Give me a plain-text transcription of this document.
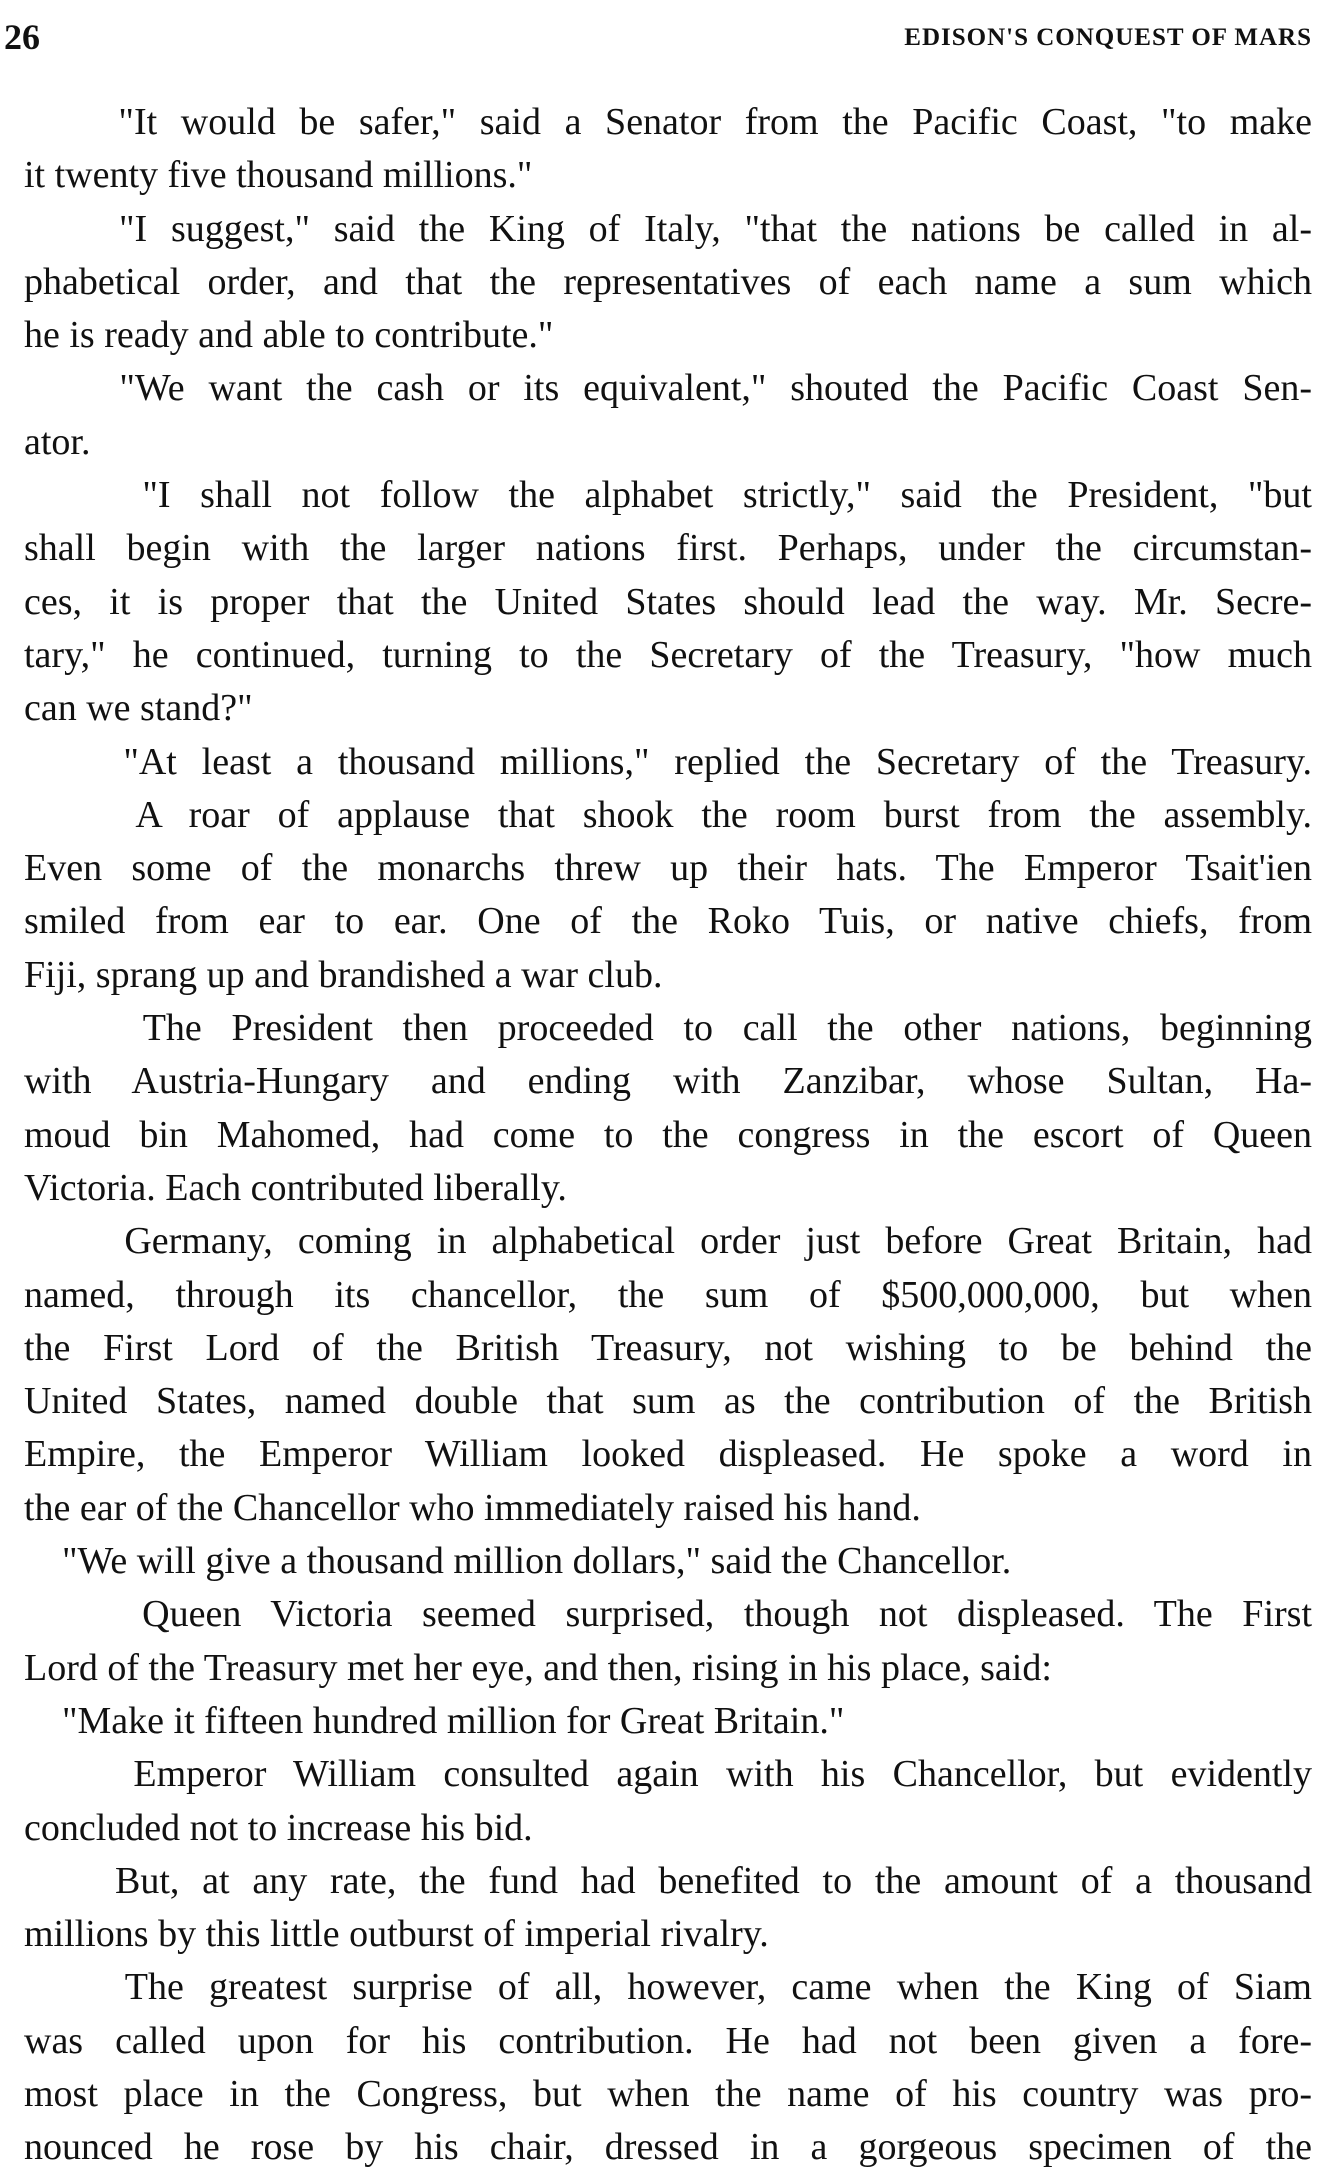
26	EDISON'S CONQUEST OF MARS
"It would be safer," said a Senator from the Pacific Coast, "to make
it twenty five thousand millions."
"I suggest," said the King of Italy, "that the nations be called in al-
phabetical order, and that the representatives of each name a sum which
he is ready and able to contribute."
"We want the cash or its equivalent," shouted the Pacific Coast Sen-
ator.
"I shall not follow the alphabet strictly," said the President, "but
shall begin with the larger nations first. Perhaps, under the circumstan-
ces, it is proper that the United States should lead the way. Mr. Secre-
tary," he continued, turning to the Secretary of the Treasury, "how much
can we stand?"
"At least a thousand millions," replied the Secretary of the Treasury.
A roar of applause that shook the room burst from the assembly.
Even some of the monarchs threw up their hats. The Emperor Tsait'ien
smiled from ear to ear. One of the Roko Tuis, or native chiefs, from
Fiji, sprang up and brandished a war club.
The President then proceeded to call the other nations, beginning
with Austria-Hungary and ending with Zanzibar, whose Sultan, Ha-
moud bin Mahomed, had come to the congress in the escort of Queen
Victoria. Each contributed liberally.
Germany, coming in alphabetical order just before Great Britain, had
named, through its chancellor, the sum of $500,000,000, but when
the First Lord of the British Treasury, not wishing to be behind the
United States, named double that sum as the contribution of the British
Empire, the Emperor William looked displeased. He spoke a word in
the ear of the Chancellor who immediately raised his hand.
"We will give a thousand million dollars," said the Chancellor.
Queen Victoria seemed surprised, though not displeased. The First
Lord of the Treasury met her eye, and then, rising in his place, said:
"Make it fifteen hundred million for Great Britain."
Emperor William consulted again with his Chancellor, but evidently
concluded not to increase his bid.
But, at any rate, the fund had benefited to the amount of a thousand
millions by this little outburst of imperial rivalry.
The greatest surprise of all, however, came when the King of Siam
was called upon for his contribution. He had not been given a fore-
most place in the Congress, but when the name of his country was pro-
nounced he rose by his chair, dressed in a gorgeous specimen of the
